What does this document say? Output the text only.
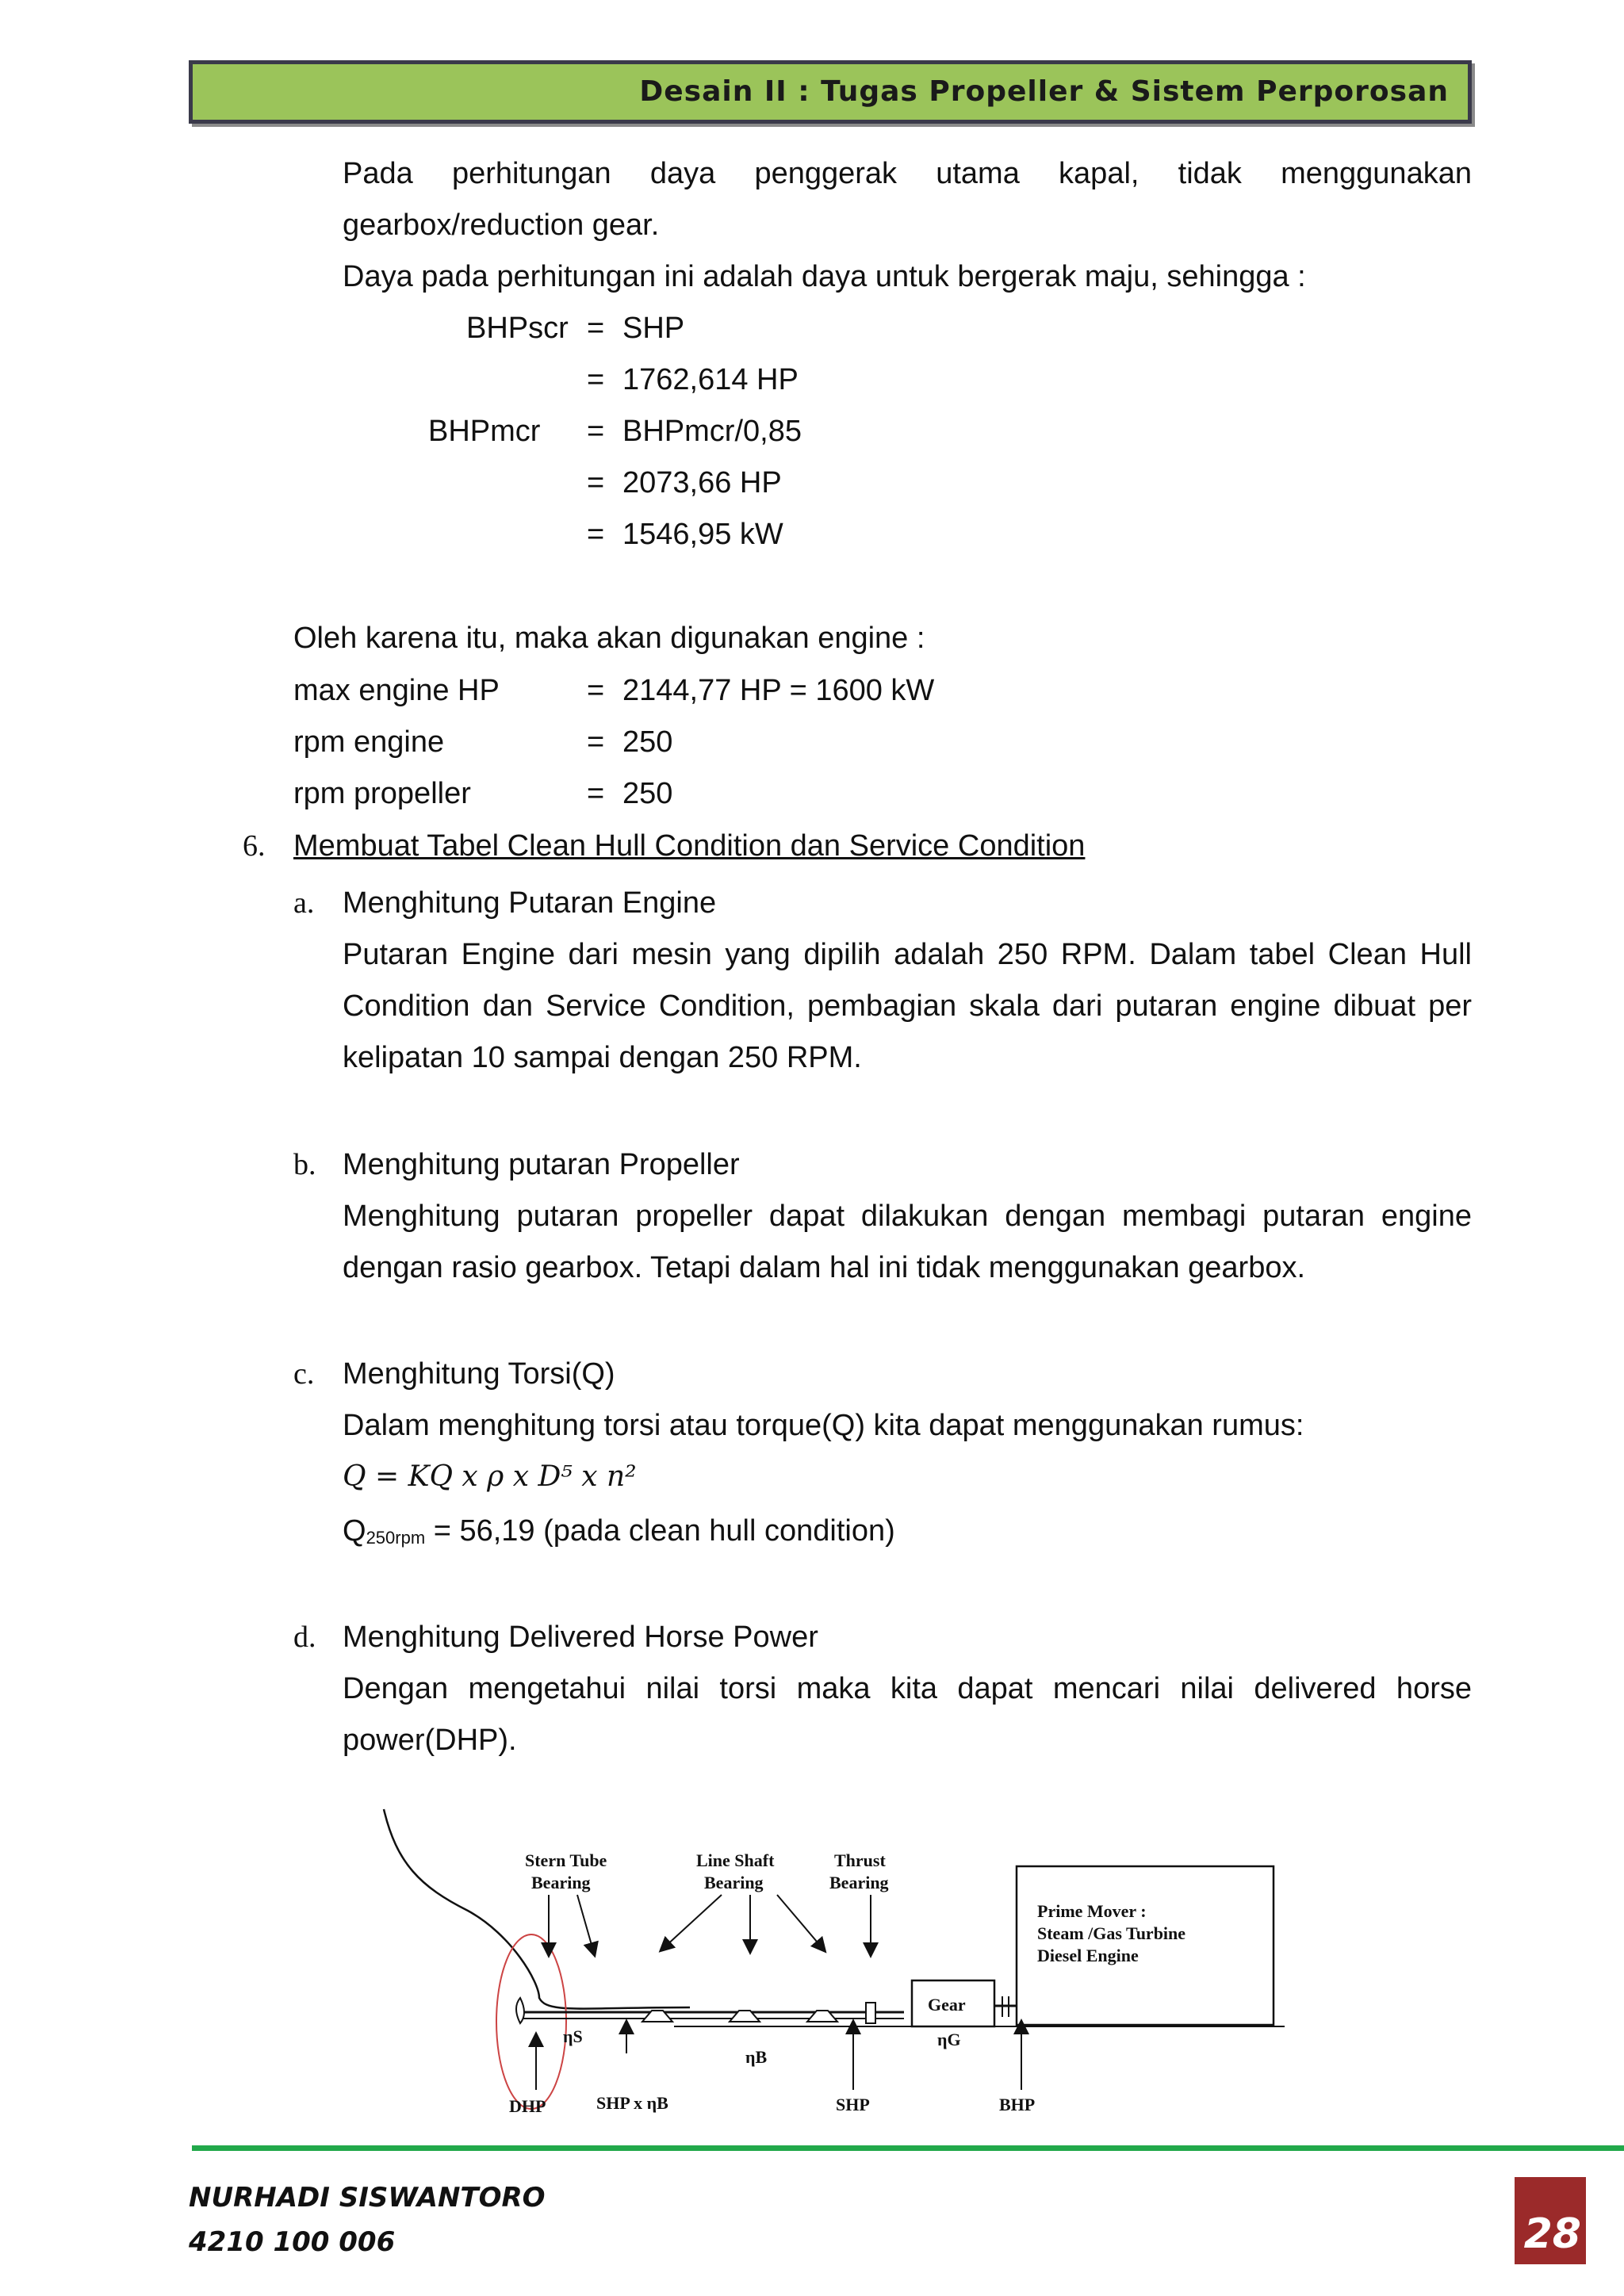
Desain II : Tugas Propeller & Sistem Perporosan
Pada perhitungan daya penggerak utama kapal, tidak menggunakan
gearbox/reduction gear.
Daya pada perhitungan ini adalah daya untuk bergerak maju, sehingga :
BHPscr = SHP
= 1762,614 HP
BHPmcr = BHPmcr/0,85
= 2073,66 HP
= 1546,95 kW
Oleh karena itu, maka akan digunakan engine :
max engine HP	= 2144,77 HP = 1600 kW
rpm engine	= 250
rpm propeller	= 250
6. Membuat Tabel Clean Hull Condition dan Service Condition
a. Menghitung Putaran Engine
Putaran Engine dari mesin yang dipilih adalah 250 RPM. Dalam tabel Clean Hull
Condition dan Service Condition, pembagian skala dari putaran engine dibuat per
kelipatan 10 sampai dengan 250 RPM.
b. Menghitung putaran Propeller
Menghitung putaran propeller dapat dilakukan dengan membagi putaran engine
dengan rasio gearbox. Tetapi dalam hal ini tidak menggunakan gearbox.
c. Menghitung Torsi(Q)
Dalam menghitung torsi atau torque(Q) kita dapat menggunakan rumus:
Q = KQ x ρ x D⁵ x n²
$Q_{250rpm} = 56,19$ (pada clean hull condition)
d. Menghitung Delivered Horse Power
Dengan mengetahui nilai torsi maka kita dapat mencari nilai delivered horse
power(DHP).
Gear
Prime Mover :
Steam /Gas Turbine
Diesel Engine
Stern Tube
Bearing
Line Shaft
Bearing
Thrust
Bearing
ηS
ηB
ηG
DHP	SHP x ηB	SHP	BHP
NURHADI SISWANTORO
4210 100 006	28
